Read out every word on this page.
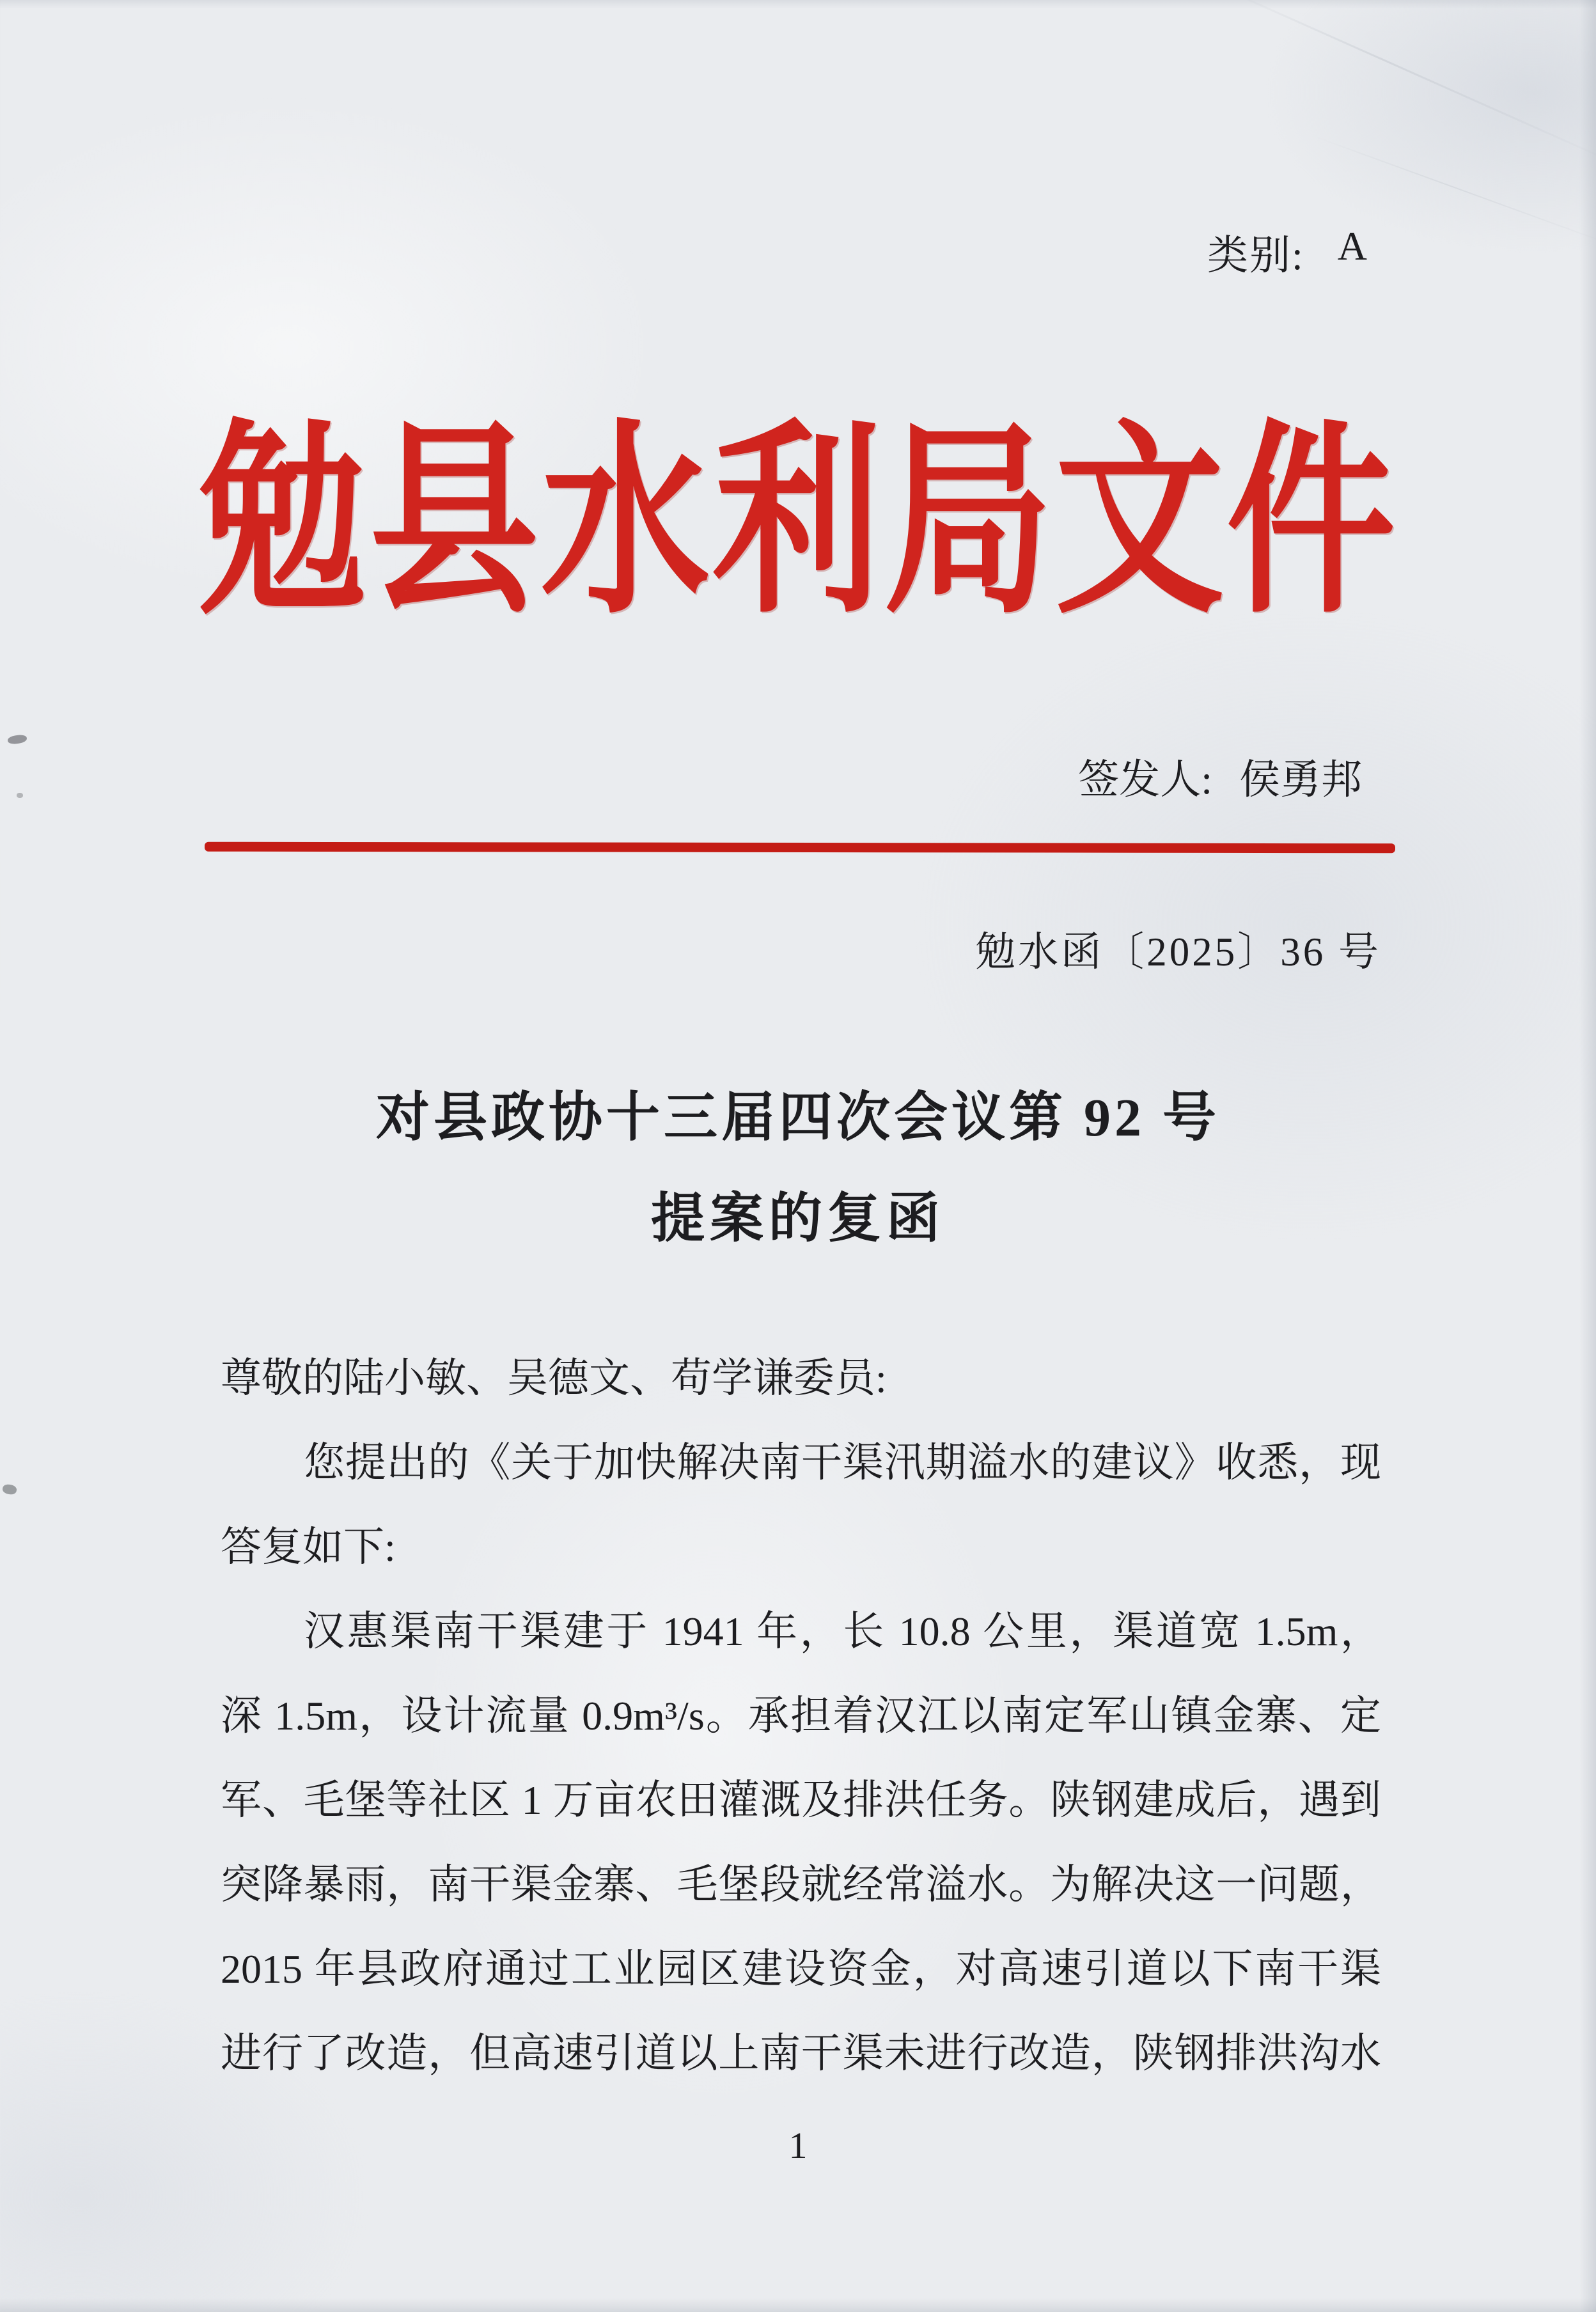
类别: A
勉县水利局文件
签发人: 侯勇邦
勉水函〔2025〕36 号
对县政协十三届四次会议第 92 号
提案的复函
尊敬的陆小敏、吴德文、苟学谦委员:
您提出的《关于加快解决南干渠汛期溢水的建议》收悉，现
答复如下:
汉惠渠南干渠建于 1941 年，长 10.8 公里，渠道宽 1.5m，
深 1.5m，设计流量 0.9m³/s。承担着汉江以南定军山镇金寨、定
军、毛堡等社区 1 万亩农田灌溉及排洪任务。陕钢建成后，遇到
突降暴雨，南干渠金寨、毛堡段就经常溢水。为解决这一问题，
2015 年县政府通过工业园区建设资金，对高速引道以下南干渠
进行了改造，但高速引道以上南干渠未进行改造，陕钢排洪沟水
1
